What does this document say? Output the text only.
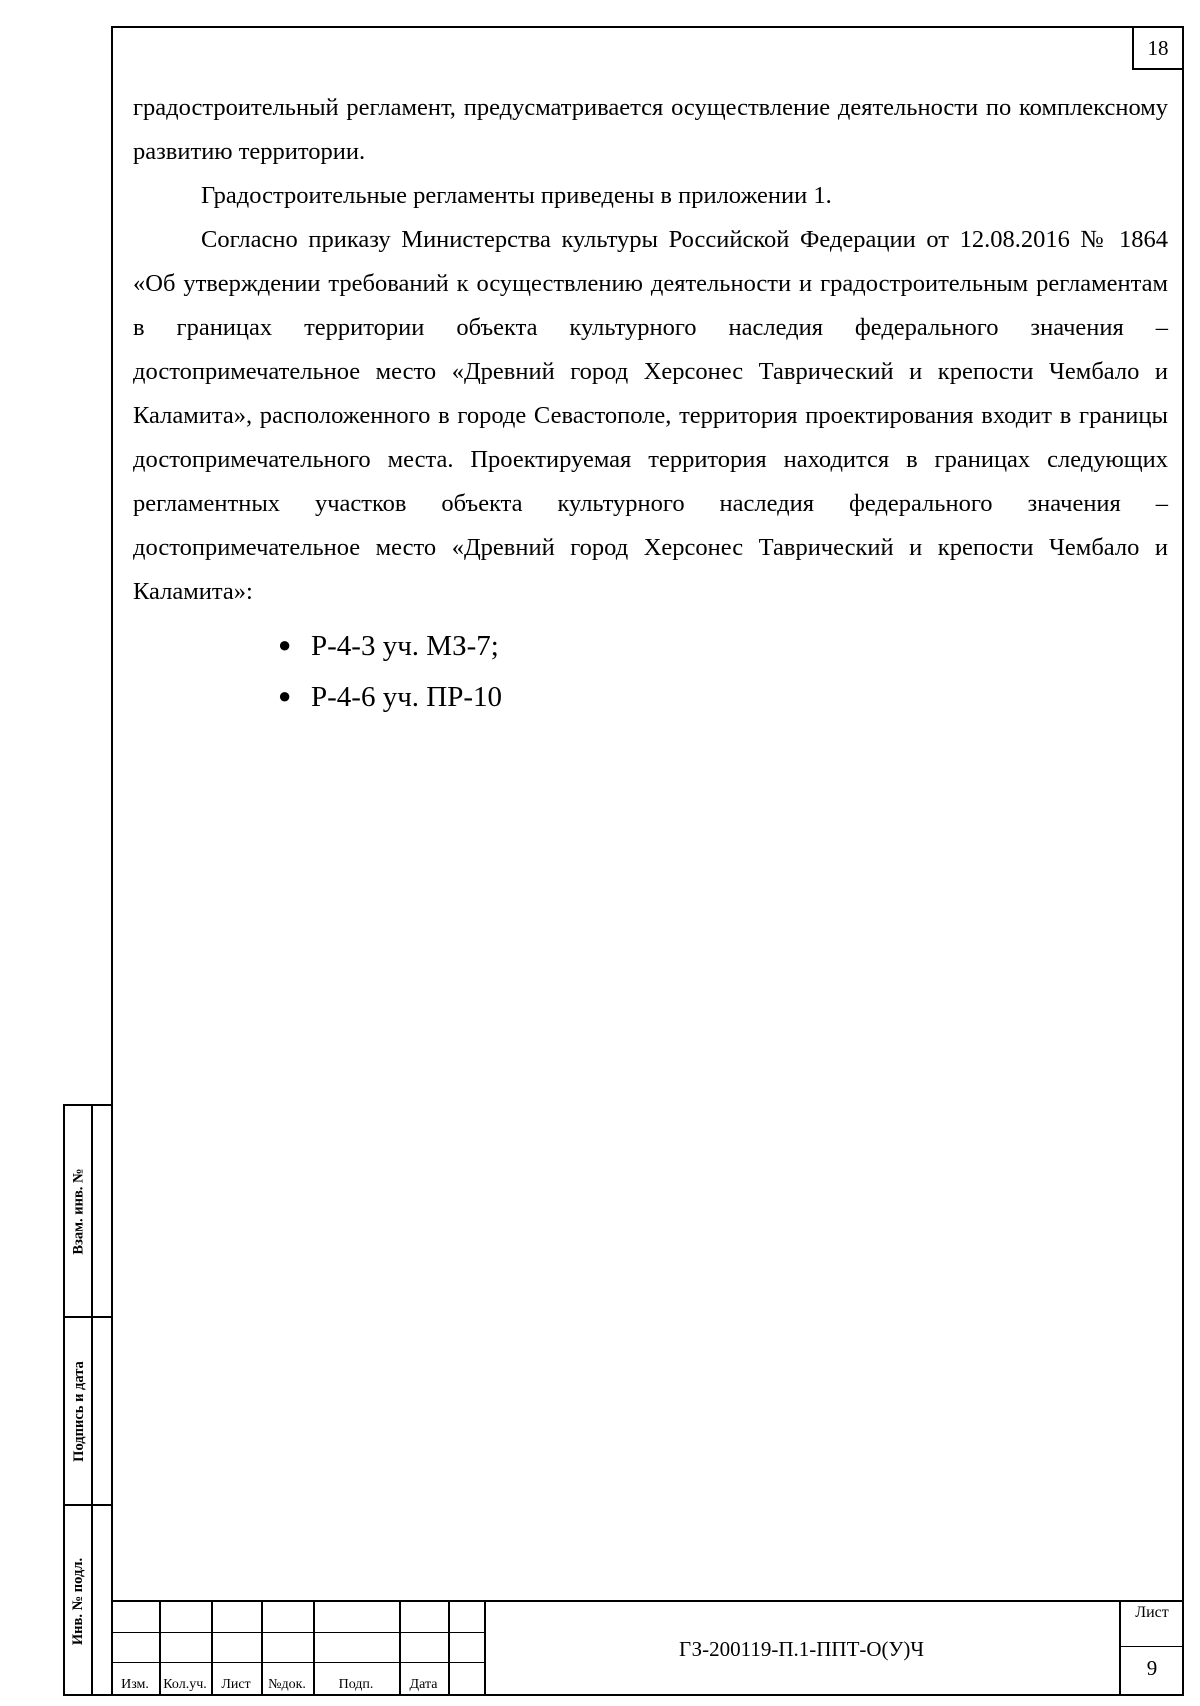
18

градостроительный регламент, предусматривается осуществление деятельности по комплексному развитию территории.

Градостроительные регламенты приведены в приложении 1.

Согласно приказу Министерства культуры Российской Федерации от 12.08.2016 № 1864 «Об утверждении требований к осуществлению деятельности и градостроительным регламентам в границах территории объекта культурного наследия федерального значения – достопримечательное место «Древний город Херсонес Таврический и крепости Чембало и Каламита», расположенного в городе Севастополе, территория проектирования входит в границы достопримечательного места. Проектируемая территория находится в границах следующих регламентных участков объекта культурного наследия федерального значения – достопримечательное место «Древний город Херсонес Таврический и крепости Чембало и Каламита»:

● Р-4-3 уч. МЗ-7;
● Р-4-6 уч. ПР-10
Взам. инв. №
Подпись и дата
Инв. № подл.
Изм.	Кол.уч.	Лист	№док.	Подп.	Дата
ГЗ-200119-П.1-ППТ-О(У)Ч
Лист
9
